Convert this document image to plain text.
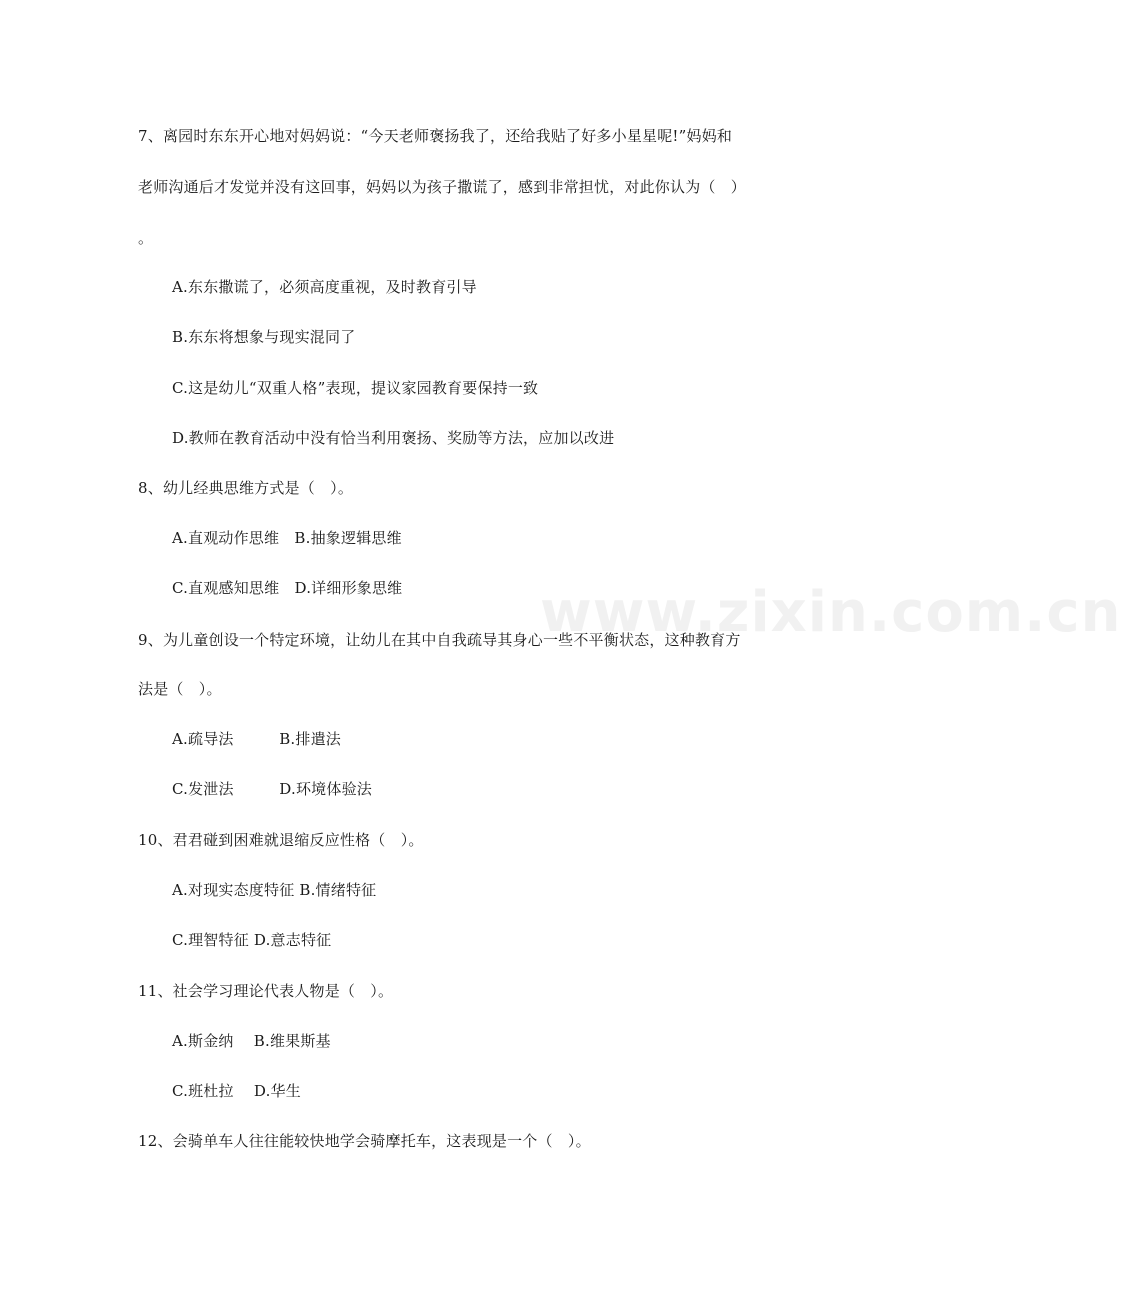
www.zixin.com.cn
7、离园时东东开心地对妈妈说：“今天老师褒扬我了，还给我贴了好多小星星呢!”妈妈和
老师沟通后才发觉并没有这回事，妈妈以为孩子撒谎了，感到非常担忧，对此你认为（　）
。
A.东东撒谎了，必须高度重视，及时教育引导
B.东东将想象与现实混同了
C.这是幼儿“双重人格”表现，提议家园教育要保持一致
D.教师在教育活动中没有恰当利用褒扬、奖励等方法，应加以改进
8、幼儿经典思维方式是（　）。
A.直观动作思维　B.抽象逻辑思维
C.直观感知思维　D.详细形象思维
9、为儿童创设一个特定环境，让幼儿在其中自我疏导其身心一些不平衡状态，这种教育方
法是（　）。
A.疏导法　　　B.排遣法
C.发泄法　　　D.环境体验法
10、君君碰到困难就退缩反应性格（　）。
A.对现实态度特征 B.情绪特征
C.理智特征 D.意志特征
11、社会学习理论代表人物是（　）。
A.斯金纳　 B.维果斯基
C.班杜拉　 D.华生
12、会骑单车人往往能较快地学会骑摩托车，这表现是一个（　）。
